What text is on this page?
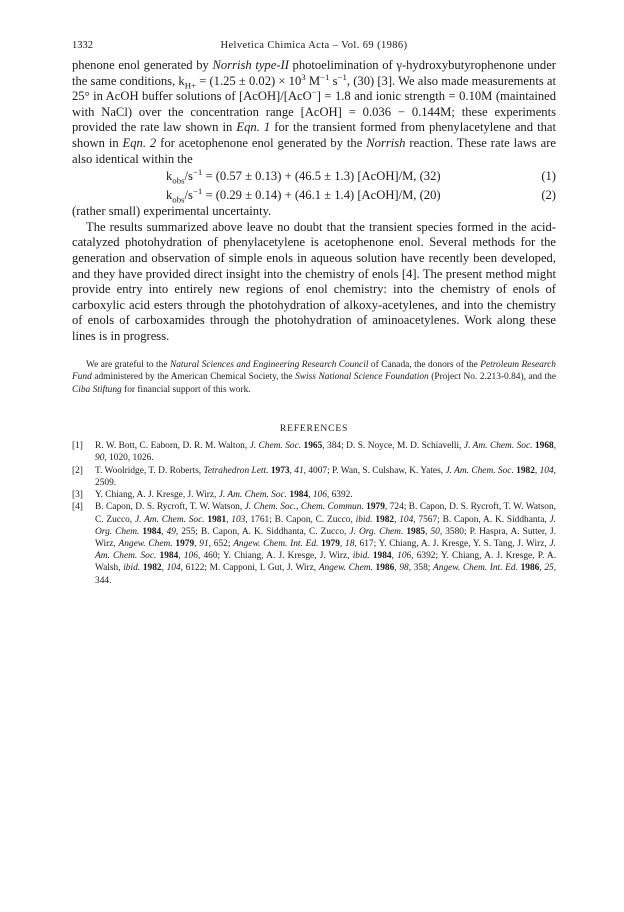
1332	Helvetica Chimica Acta – Vol. 69 (1986)

phenone enol generated by Norrish type-II photoelimination of γ-hydroxybutyrophenone under the same conditions, $k_{H+} = (1.25 \pm 0.02) \times 10^3$ $M^{-1}$ $s^{-1}$, (30) [3]. We also made measurements at 25° in AcOH buffer solutions of [AcOH]/[AcO−] = 1.8 and ionic strength = 0.10M (maintained with NaCl) over the concentration range [AcOH] = 0.036 − 0.144M; these experiments provided the rate law shown in Eqn. 1 for the transient formed from phenylacetylene and that shown in Eqn. 2 for acetophenone enol generated by the Norrish reaction. These rate laws are also identical within the

$k_{obs}/s^{-1} = (0.57 \pm 0.13) + (46.5 \pm 1.3)$ [AcOH]/M, (32)	(1)
$k_{obs}/s^{-1} = (0.29 \pm 0.14) + (46.1 \pm 1.4)$ [AcOH]/M, (20)	(2)

(rather small) experimental uncertainty.

The results summarized above leave no doubt that the transient species formed in the acid-catalyzed photohydration of phenylacetylene is acetophenone enol. Several methods for the generation and observation of simple enols in aqueous solution have recently been developed, and they have provided direct insight into the chemistry of enols [4]. The present method might provide entry into entirely new regions of enol chemistry: into the chemistry of enols of carboxylic acid esters through the photohydration of alkoxy-acetylenes, and into the chemistry of enols of carboxamides through the photohydration of aminoacetylenes. Work along these lines is in progress.

We are grateful to the Natural Sciences and Engineering Research Council of Canada, the donors of the Petroleum Research Fund administered by the American Chemical Society, the Swiss National Science Foundation (Project No. 2.213-0.84), and the Ciba Stiftung for financial support of this work.

REFERENCES
[1] R. W. Bott, C. Eaborn, D. R. M. Walton, J. Chem. Soc. 1965, 384; D. S. Noyce, M. D. Schiavelli, J. Am. Chem. Soc. 1968, 90, 1020, 1026.
[2] T. Woolridge, T. D. Roberts, Tetrahedron Lett. 1973, 41, 4007; P. Wan, S. Culshaw, K. Yates, J. Am. Chem. Soc. 1982, 104, 2509.
[3] Y. Chiang, A. J. Kresge, J. Wirz, J. Am. Chem. Soc. 1984, 106, 6392.
[4] B. Capon, D. S. Rycroft, T. W. Watson, J. Chem. Soc., Chem. Commun. 1979, 724; B. Capon, D. S. Rycroft, T. W. Watson, C. Zucco, J. Am. Chem. Soc. 1981, 103, 1761; B. Capon, C. Zucco, ibid. 1982, 104, 7567; B. Capon, A. K. Siddhanta, J. Org. Chem. 1984, 49, 255; B. Capon, A. K. Siddhanta, C. Zucco, J. Org. Chem. 1985, 50, 3580; P. Haspra, A. Sutter, J. Wirz, Angew. Chem. 1979, 91, 652; Angew. Chem. Int. Ed. 1979, 18, 617; Y. Chiang, A. J. Kresge, Y. S. Tang, J. Wirz, J. Am. Chem. Soc. 1984, 106, 460; Y. Chiang, A. J. Kresge, J. Wirz, ibid. 1984, 106, 6392; Y. Chiang, A. J. Kresge, P. A. Walsh, ibid. 1982, 104, 6122; M. Capponi, I. Gut, J. Wirz, Angew. Chem. 1986, 98, 358; Angew. Chem. Int. Ed. 1986, 25, 344.
